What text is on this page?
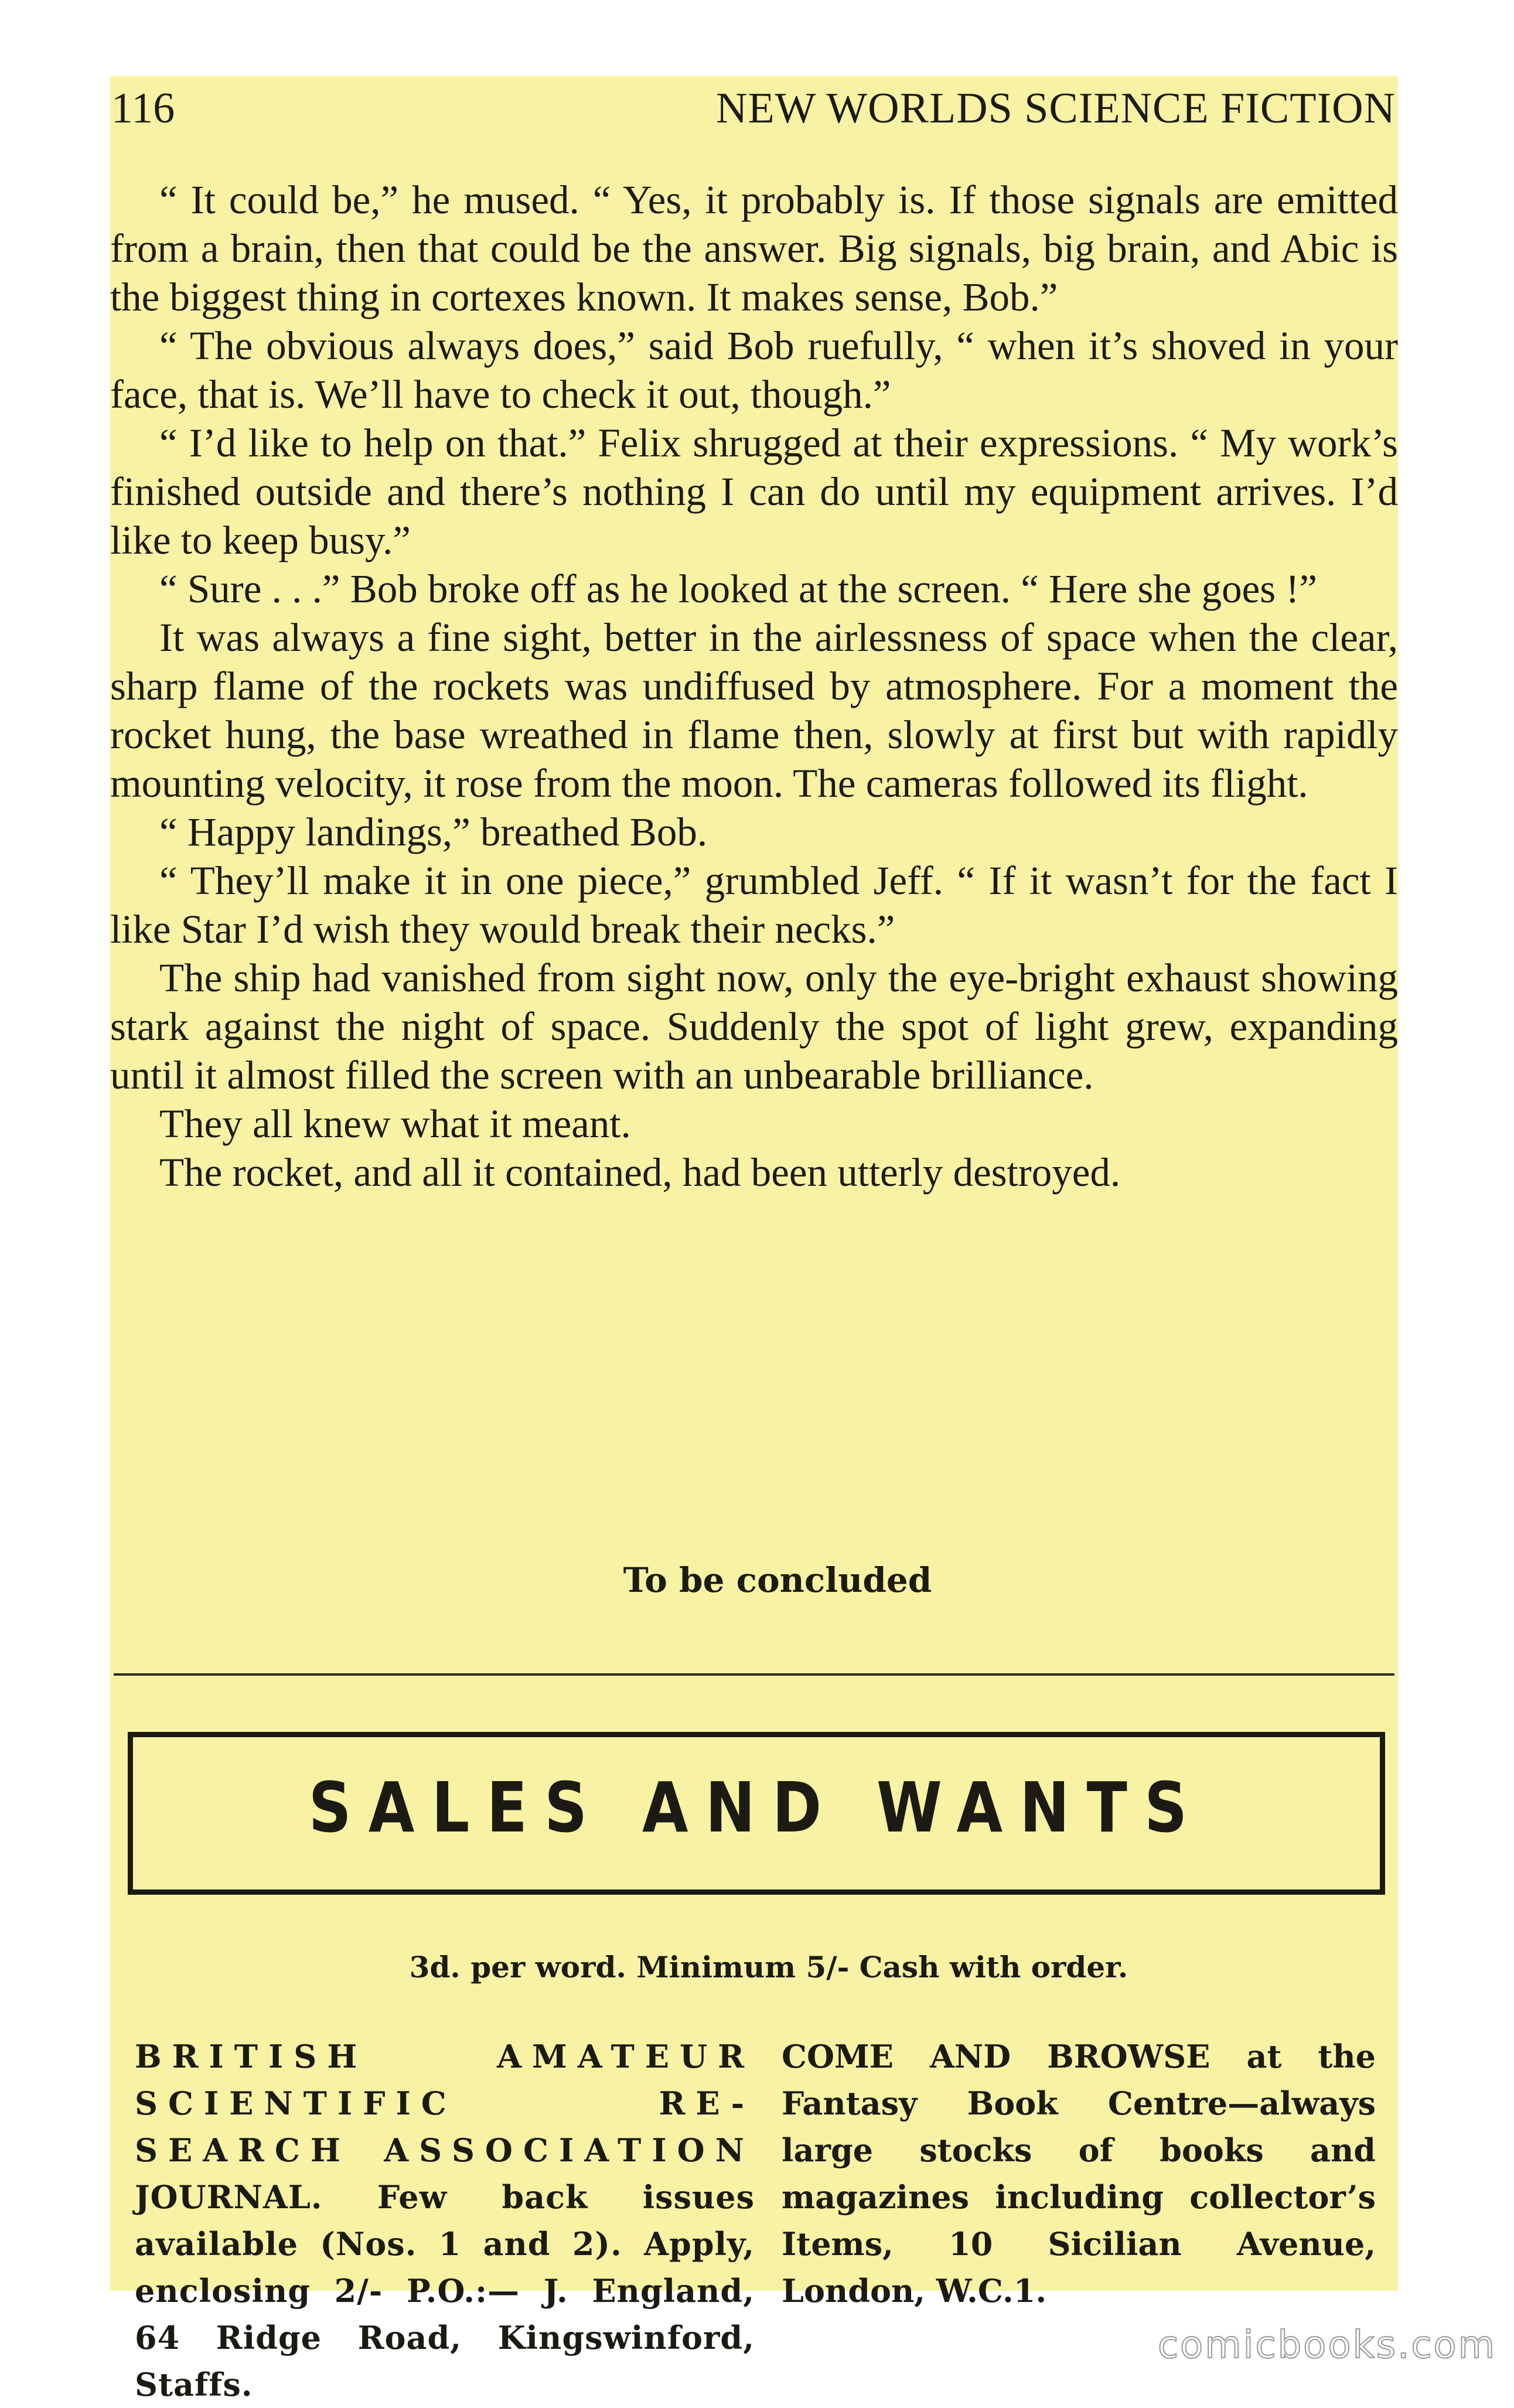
116	NEW WORLDS SCIENCE FICTION

“ It could be,” he mused. “ Yes, it probably is. If those signals are emitted from a brain, then that could be the answer. Big signals, big brain, and Abic is the biggest thing in cortexes known. It makes sense, Bob.”

“ The obvious always does,” said Bob ruefully, “ when it’s shoved in your face, that is. We’ll have to check it out, though.”

“ I’d like to help on that.” Felix shrugged at their expressions. “ My work’s finished outside and there’s nothing I can do until my equipment arrives. I’d like to keep busy.”

“ Sure . . .” Bob broke off as he looked at the screen. “ Here she goes !”

It was always a fine sight, better in the airlessness of space when the clear, sharp flame of the rockets was undiffused by atmosphere. For a moment the rocket hung, the base wreathed in flame then, slowly at first but with rapidly mounting velocity, it rose from the moon. The cameras followed its flight.

“ Happy landings,” breathed Bob.

“ They’ll make it in one piece,” grumbled Jeff. “ If it wasn’t for the fact I like Star I’d wish they would break their necks.”

The ship had vanished from sight now, only the eye-bright exhaust showing stark against the night of space. Suddenly the spot of light grew, expanding until it almost filled the screen with an unbearable brilliance.

They all knew what it meant.

The rocket, and all it contained, had been utterly destroyed.

To be concluded
SALES AND WANTS
3d. per word. Minimum 5/- Cash with order.
BRITISH AMATEUR SCIENTIFIC RE-SEARCH ASSOCIATION JOURNAL. Few back issues available (Nos. 1 and 2). Apply, enclosing 2/- P.O.:— J. England, 64 Ridge Road, Kingswinford, Staffs.
COME AND BROWSE at the Fantasy Book Centre—always large stocks of books and magazines including collector’s Items, 10 Sicilian Avenue, London, W.C.1.
comicbooks.com
